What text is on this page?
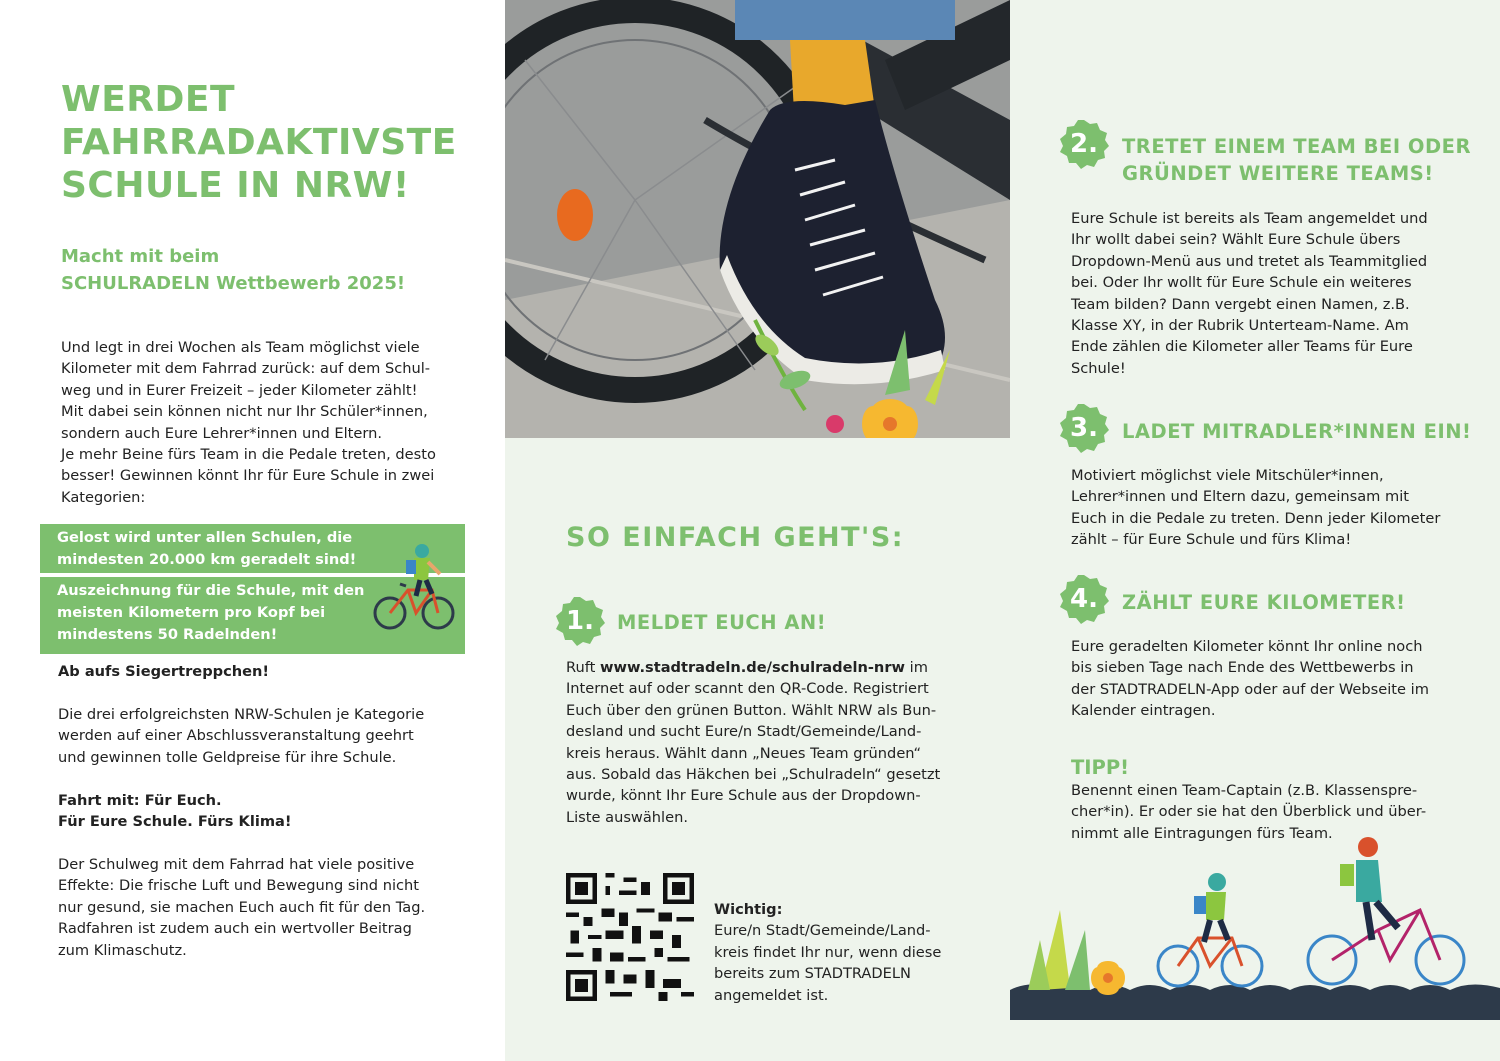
WERDET
FAHRRADAKTIVSTE
SCHULE IN NRW!
Macht mit beim
SCHULRADELN Wettbewerb 2025!
Und legt in drei Wochen als Team möglichst viele
Kilometer mit dem Fahrrad zurück: auf dem Schul-
weg und in Eurer Freizeit – jeder Kilometer zählt!
Mit dabei sein können nicht nur Ihr Schüler*innen,
sondern auch Eure Lehrer*innen und Eltern.
Je mehr Beine fürs Team in die Pedale treten, desto
besser! Gewinnen könnt Ihr für Eure Schule in zwei
Kategorien:
Gelost wird unter allen Schulen, die
mindesten 20.000 km geradelt sind!
Auszeichnung für die Schule, mit den
meisten Kilometern pro Kopf bei
mindestens 50 Radelnden!
Ab aufs Siegertreppchen!
Die drei erfolgreichsten NRW-Schulen je Kategorie
werden auf einer Abschlussveranstaltung geehrt
und gewinnen tolle Geldpreise für ihre Schule.
Fahrt mit: Für Euch.
Für Eure Schule. Fürs Klima!
Der Schulweg mit dem Fahrrad hat viele positive
Effekte: Die frische Luft und Bewegung sind nicht
nur gesund, sie machen Euch auch fit für den Tag.
Radfahren ist zudem auch ein wertvoller Beitrag
zum Klimaschutz.
SO EINFACH GEHT'S:
1.	MELDET EUCH AN!
Ruft www.stadtradeln.de/schulradeln-nrw im
Internet auf oder scannt den QR-Code. Registriert
Euch über den grünen Button. Wählt NRW als Bun-
desland und sucht Eure/n Stadt/Gemeinde/Land-
kreis heraus. Wählt dann „Neues Team gründen“
aus. Sobald das Häkchen bei „Schulradeln“ gesetzt
wurde, könnt Ihr Eure Schule aus der Dropdown-
Liste auswählen.
Wichtig:
Eure/n Stadt/Gemeinde/Land-
kreis findet Ihr nur, wenn diese
bereits zum STADTRADELN
angemeldet ist.
2.	TRETET EINEM TEAM BEI ODER
GRÜNDET WEITERE TEAMS!
Eure Schule ist bereits als Team angemeldet und
Ihr wollt dabei sein? Wählt Eure Schule übers
Dropdown-Menü aus und tretet als Teammitglied
bei. Oder Ihr wollt für Eure Schule ein weiteres
Team bilden? Dann vergebt einen Namen, z.B.
Klasse XY, in der Rubrik Unterteam-Name. Am
Ende zählen die Kilometer aller Teams für Eure
Schule!
3.	LADET MITRADLER*INNEN EIN!
Motiviert möglichst viele Mitschüler*innen,
Lehrer*innen und Eltern dazu, gemeinsam mit
Euch in die Pedale zu treten. Denn jeder Kilometer
zählt – für Eure Schule und fürs Klima!
4.	ZÄHLT EURE KILOMETER!
Eure geradelten Kilometer könnt Ihr online noch
bis sieben Tage nach Ende des Wettbewerbs in
der STADTRADELN-App oder auf der Webseite im
Kalender eintragen.
TIPP!
Benennt einen Team-Captain (z.B. Klassenspre-
cher*in). Er oder sie hat den Überblick und über-
nimmt alle Eintragungen fürs Team.
